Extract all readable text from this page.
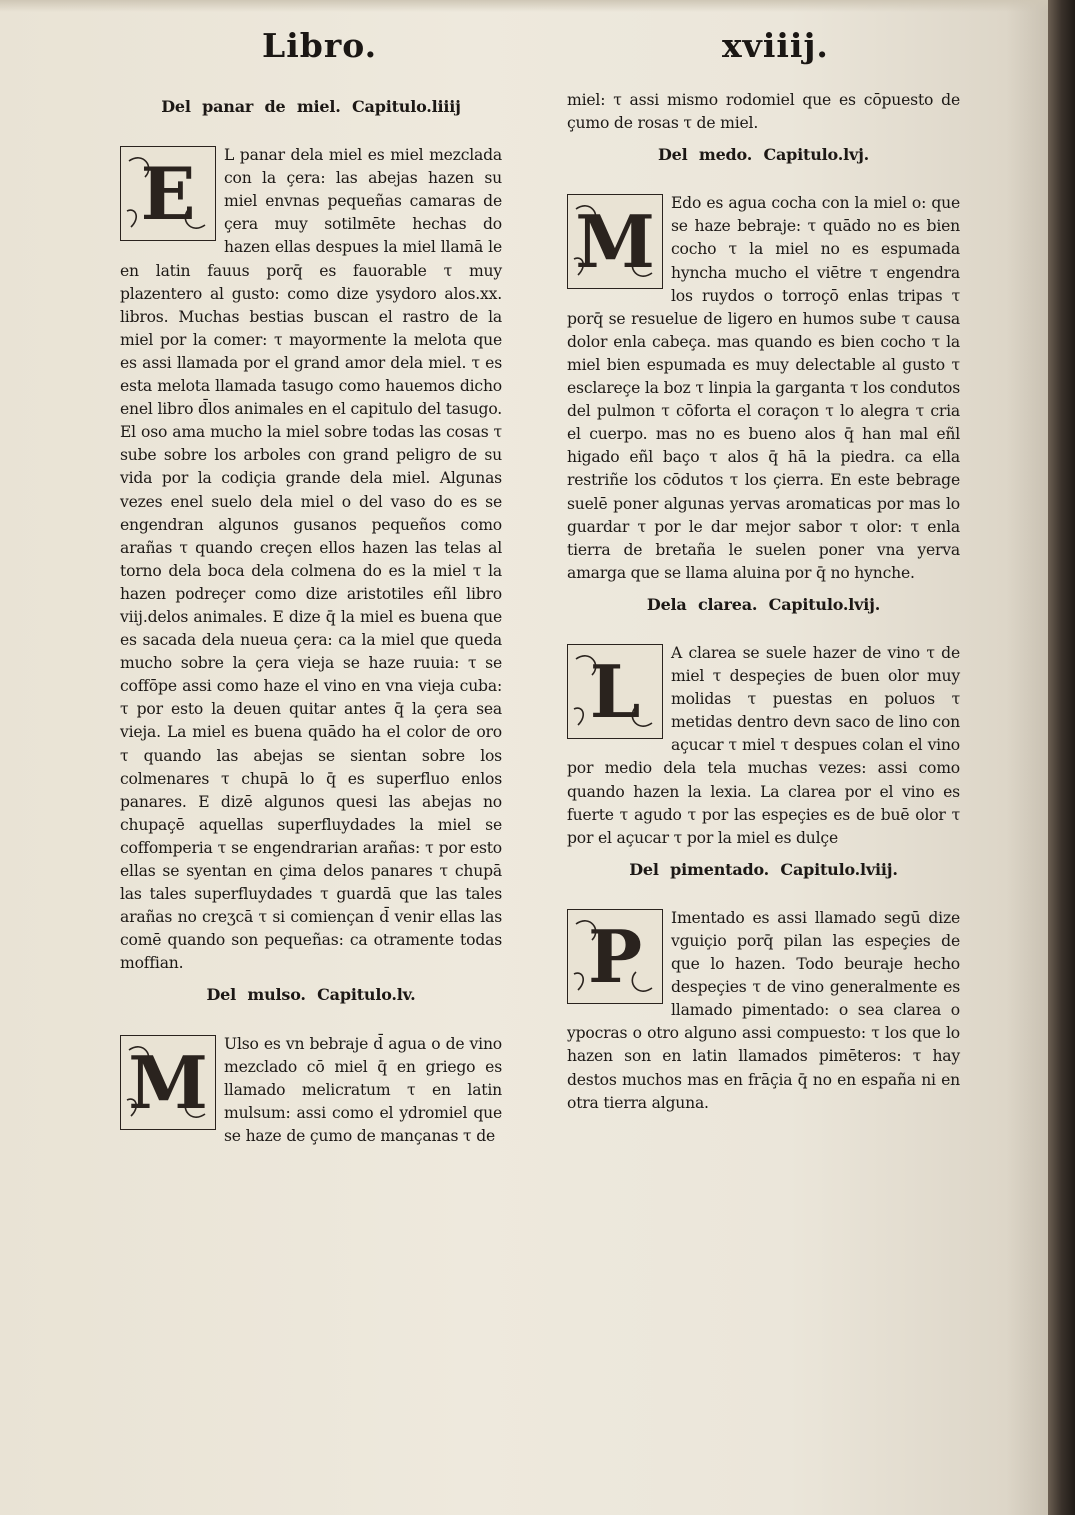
Libro.	xviiij.
Del panar de miel. Capitulo.liiij
E	L panar dela miel es miel mezclada con la çera: las abejas hazen su miel envnas pequeñas camaras de çera muy sotilmēte hechas do hazen ellas despues la miel llamā le en latin fauus porq̄ es fauorable τ muy plazentero al gusto: como dize ysydoro alos.xx. libros. Muchas bestias buscan el rastro de la miel por la comer: τ mayormente la melota que es assi llamada por el grand amor dela miel. τ es esta melota llamada tasugo como hauemos dicho enel libro d̄los animales en el capitulo del tasugo. El oso ama mucho la miel sobre todas las cosas τ sube sobre los arboles con grand peligro de su vida por la codiçia grande dela miel. Algunas vezes enel suelo dela miel o del vaso do es se engendran algunos gusanos pequeños como arañas τ quando creçen ellos hazen las telas al torno dela boca dela colmena do es la miel τ la hazen podreçer como dize aristotiles eñl libro viij.delos animales. E dize q̄ la miel es buena que es sacada dela nueua çera: ca la miel que queda mucho sobre la çera vieja se haze ruuia: τ se coffōpe assi como haze el vino en vna vieja cuba: τ por esto la deuen quitar antes q̄ la çera sea vieja. La miel es buena quādo ha el color de oro τ quando las abejas se sientan sobre los colmenares τ chupā lo q̄ es superfluo enlos panares. E dizē algunos quesi las abejas no chupaçē aquellas superfluydades la miel se coffomperia τ se engendrarian arañas: τ por esto ellas se syentan en çima delos panares τ chupā las tales superfluydades τ guardā que las tales arañas no creʒcā τ si comiençan d̄ venir ellas las comē quando son pequeñas: ca otramente todas moffian.
Del mulso. Capitulo.lv.
M	Ulso es vn bebraje d̄ agua o de vino mezclado cō miel q̄ en griego es llamado melicratum τ en latin mulsum: assi como el ydromiel que se haze de çumo de mançanas τ de
miel: τ assi mismo rodomiel que es cōpuesto de çumo de rosas τ de miel.
Del medo. Capitulo.lvj.
M	Edo es agua cocha con la miel o: que se haze bebraje: τ quādo no es bien cocho τ la miel no es espumada hyncha mucho el viētre τ engendra los ruydos o torroçō enlas tripas τ porq̄ se resuelue de ligero en humos sube τ causa dolor enla cabeça. mas quando es bien cocho τ la miel bien espumada es muy delectable al gusto τ esclareçe la boz τ linpia la garganta τ los condutos del pulmon τ cōforta el coraçon τ lo alegra τ cria el cuerpo. mas no es bueno alos q̄ han mal eñl higado eñl baço τ alos q̄ hā la piedra. ca ella restriñe los cōdutos τ los çierra. En este bebrage suelē poner algunas yervas aromaticas por mas lo guardar τ por le dar mejor sabor τ olor: τ enla tierra de bretaña le suelen poner vna yerva amarga que se llama aluina por q̄ no hynche.
Dela clarea. Capitulo.lvij.
L	A clarea se suele hazer de vino τ de miel τ despeçies de buen olor muy molidas τ puestas en poluos τ metidas dentro devn saco de lino con açucar τ miel τ despues colan el vino por medio dela tela muchas vezes: assi como quando hazen la lexia. La clarea por el vino es fuerte τ agudo τ por las espeçies es de buē olor τ por el açucar τ por la miel es dulçe
Del pimentado. Capitulo.lviij.
P	Imentado es assi llamado segū dize vguiçio porq̄ pilan las espeçies de que lo hazen. Todo beuraje hecho despeçies τ de vino generalmente es llamado pimentado: o sea clarea o ypocras o otro alguno assi compuesto: τ los que lo hazen son en latin llamados pimēteros: τ hay destos muchos mas en frāçia q̄ no en españa ni en otra tierra alguna.
